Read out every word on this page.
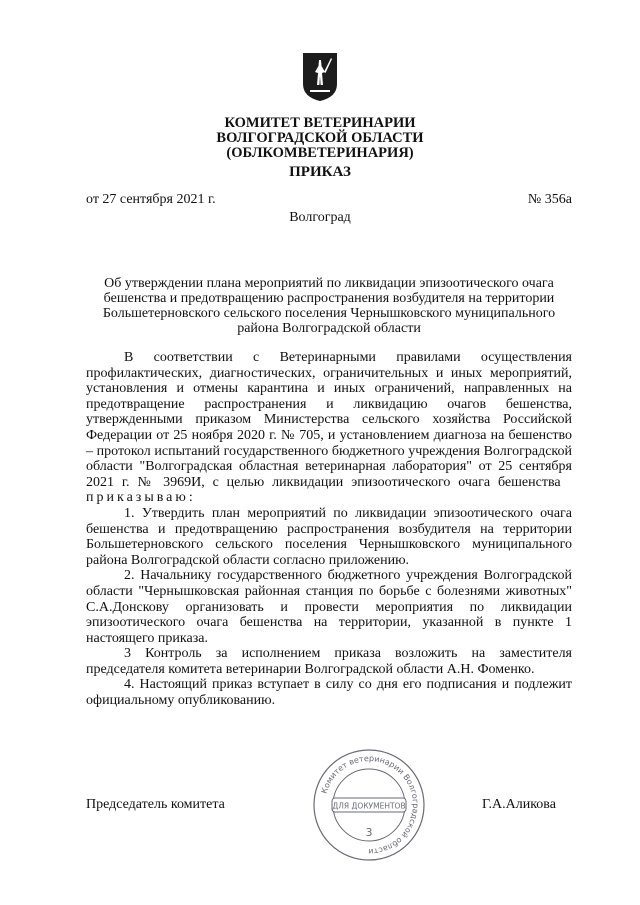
КОМИТЕТ ВЕТЕРИНАРИИ
ВОЛГОГРАДСКОЙ ОБЛАСТИ
(ОБЛКОМВЕТЕРИНАРИЯ)
ПРИКАЗ
от 27 сентября 2021 г.	№ 356а
Волгоград
Об утверждении плана мероприятий по ликвидации эпизоотического очага бешенства и предотвращению распространения возбудителя на территории Большетерновского сельского поселения Чернышковского муниципального района Волгоградской области

В соответствии с Ветеринарными правилами осуществления профилактических, диагностических, ограничительных и иных мероприятий, установления и отмены карантина и иных ограничений, направленных на предотвращение распространения и ликвидацию очагов бешенства, утвержденными приказом Министерства сельского хозяйства Российской Федерации от 25 ноября 2020 г. № 705, и установлением диагноза на бешенство – протокол испытаний государственного бюджетного учреждения Волгоградской области "Волгоградская областная ветеринарная лаборатория" от 25 сентября 2021 г. № 3969И, с целью ликвидации эпизоотического очага бешенства   приказываю:

1. Утвердить план мероприятий по ликвидации эпизоотического очага бешенства и предотвращению распространения возбудителя на территории Большетерновского сельского поселения Чернышковского муниципального района Волгоградской области согласно приложению.

2. Начальнику государственного бюджетного учреждения Волгоградской области "Чернышковская районная станция по борьбе с болезнями животных" С.А.Донскову организовать и провести мероприятия по ликвидации эпизоотического очага бешенства на территории, указанной в пункте 1 настоящего приказа.

3 Контроль за исполнением приказа возложить на заместителя председателя комитета ветеринарии Волгоградской области А.Н. Фоменко.

4. Настоящий приказ вступает в силу со дня его подписания и подлежит официальному опубликованию.

Председатель комитета	Г.А.Аликова
Комитет ветеринарии Волгоградской области
ДЛЯ ДОКУМЕНТОВ
3
